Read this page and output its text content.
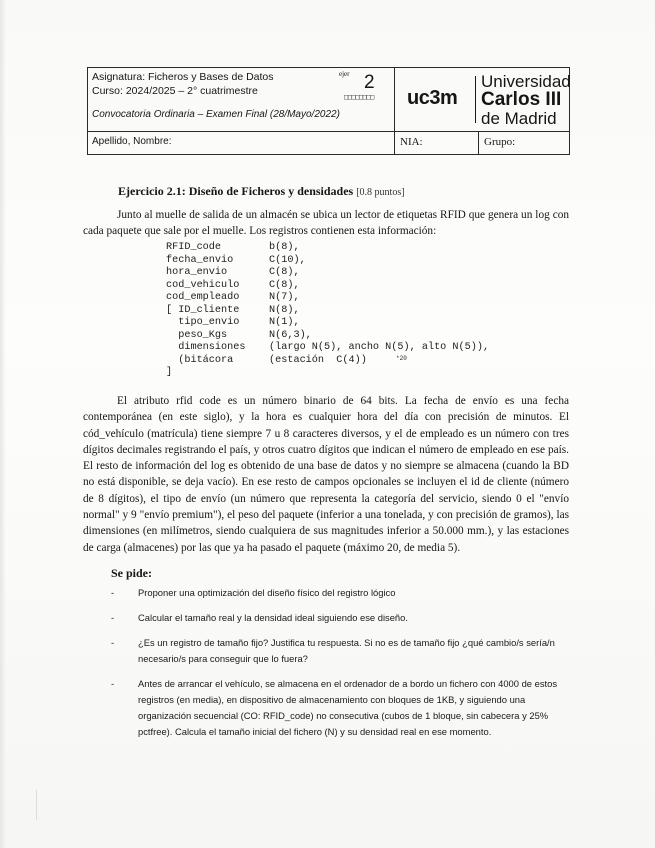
Asignatura: Ficheros y Bases de Datos
Curso: 2024/2025 – 2° cuatrimestre
Convocatoria Ordinaria – Examen Final (28/Mayo/2022)
ejer 2
□□□□□□□□ uc3m
Universidad
Carlos III
de Madrid
Apellido, Nombre:	NIA:	Grupo:
Ejercicio 2.1: Diseño de Ficheros y densidades [0.8 puntos]
Junto al muelle de salida de un almacén se ubica un lector de etiquetas RFID que genera un log con cada paquete que sale por el muelle. Los registros contienen esta información:
RFID_code	b(8),
fecha_envio	C(10),
hora_envio	C(8),
cod_vehiculo	C(8),
cod_empleado	N(7),
[ ID_cliente	N(8),
tipo_envio	N(1),
peso_Kgs	N(6,3),
dimensiones (largo N(5), ancho N(5), alto N(5)),
(bitácora	(estación  C(4))	*20
]
El atributo rfid code es un número binario de 64 bits. La fecha de envío es una fecha contemporánea (en este siglo), y la hora es cualquier hora del día con precisión de minutos. El cód_vehículo (matrícula) tiene siempre 7 u 8 caracteres diversos, y el de empleado es un número con tres dígitos decimales registrando el país, y otros cuatro dígitos que indican el número de empleado en ese país. El resto de información del log es obtenido de una base de datos y no siempre se almacena (cuando la BD no está disponible, se deja vacío). En ese resto de campos opcionales se incluyen el id de cliente (número de 8 dígitos), el tipo de envío (un número que representa la categoría del servicio, siendo 0 el "envío normal" y 9 "envío premium"), el peso del paquete (inferior a una tonelada, y con precisión de gramos), las dimensiones (en milímetros, siendo cualquiera de sus magnitudes inferior a 50.000 mm.), y las estaciones de carga (almacenes) por las que ya ha pasado el paquete (máximo 20, de media 5).
Se pide:
-	Proponer una optimización del diseño físico del registro lógico
-	Calcular el tamaño real y la densidad ideal siguiendo ese diseño.
-	¿Es un registro de tamaño fijo? Justifica tu respuesta. Si no es de tamaño fijo ¿qué cambio/s sería/n necesario/s para conseguir que lo fuera?
-	Antes de arrancar el vehículo, se almacena en el ordenador de a bordo un fichero con 4000 de estos registros (en media), en dispositivo de almacenamiento con bloques de 1KB, y siguiendo una organización secuencial (CO: RFID_code) no consecutiva (cubos de 1 bloque, sin cabecera y 25% pctfree). Calcula el tamaño inicial del fichero (N) y su densidad real en ese momento.
